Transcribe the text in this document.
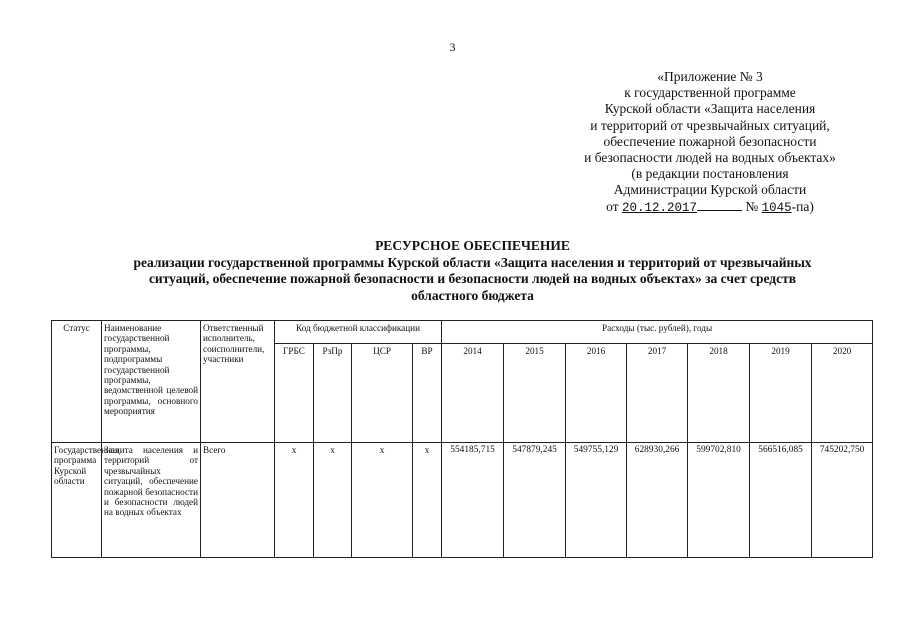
3
«Приложение № 3
к государственной программе
Курской области «Защита населения
и территорий от чрезвычайных ситуаций,
обеспечение пожарной безопасности
и безопасности людей на водных объектах»
(в редакции постановления
Администрации Курской области
от 20.12.2017	№ 1045-па)
РЕСУРСНОЕ ОБЕСПЕЧЕНИЕ
реализации государственной программы Курской области «Защита населения и территорий от чрезвычайных
ситуаций, обеспечение пожарной безопасности и безопасности людей на водных объектах» за счет средств
областного бюджета
Статус	Наименование государственной программы, подпрограммы государственной программы, ведомственной целевой программы, основного мероприятия	Ответственный исполнитель, соисполнители, участники	Код бюджетной классификации				Расходы (тыс. рублей), годы						
			ГРБС	РзПр	ЦСР	ВР	2014	2015	2016	2017	2018	2019	2020
Государственная программа Курской области	Защита населения и территорий от чрезвычайных ситуаций, обеспечение пожарной безопасности и безопасности людей на водных объектах	Всего	х	х	х	х	554185,715	547879,245	549755,129	628930,266	599702,810	566516,085	745202,750
